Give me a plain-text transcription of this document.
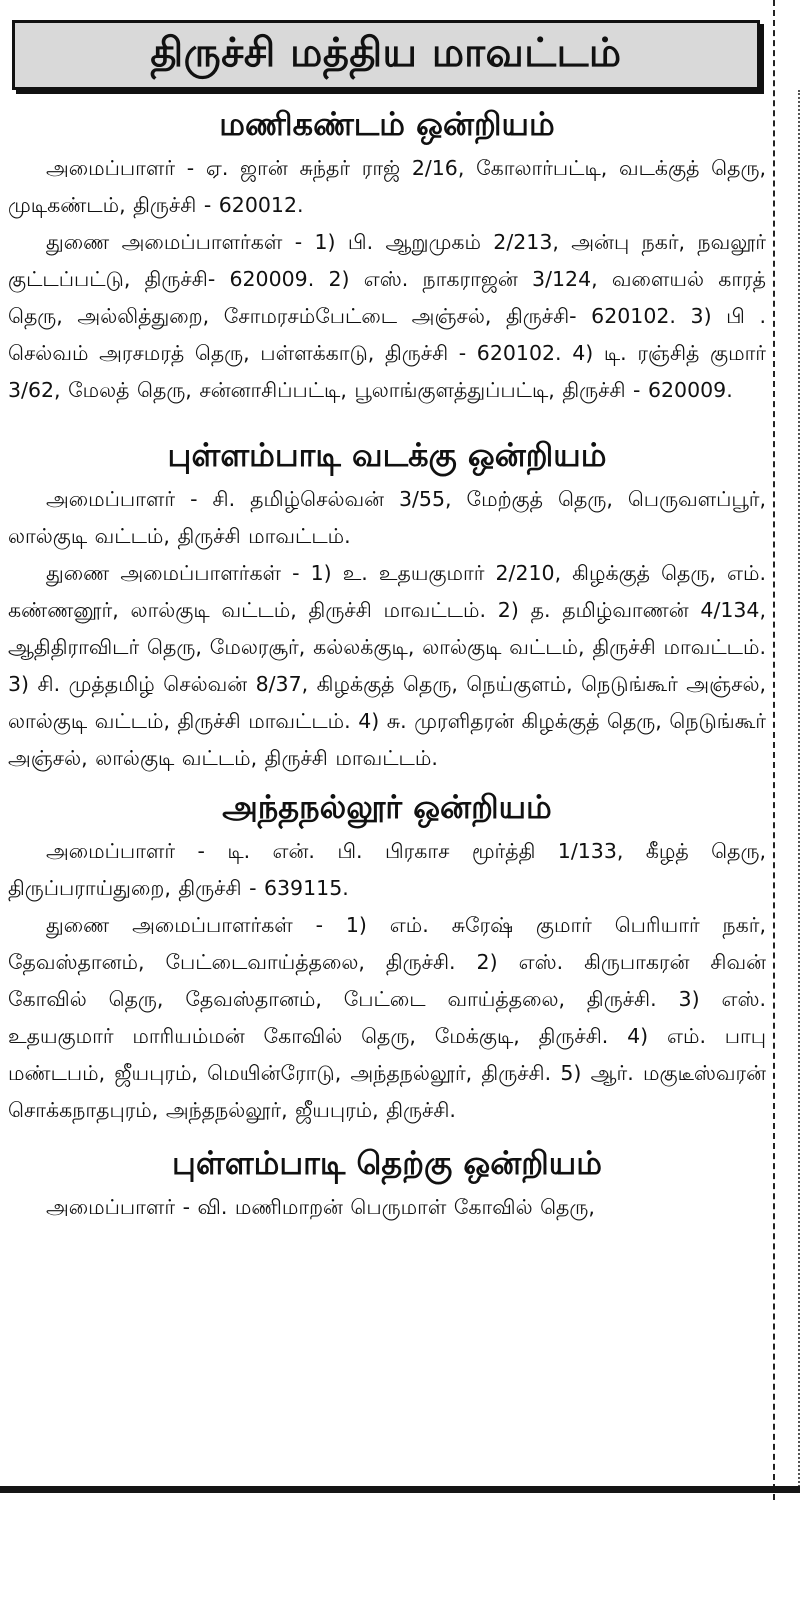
திருச்சி மத்திய மாவட்டம்
மணிகண்டம் ஒன்றியம்

அமைப்பாளர் - ஏ. ஜான் சுந்தர் ராஜ் 2/16, கோலார்பட்டி, வடக்குத் தெரு, முடிகண்டம், திருச்சி - 620012.

துணை அமைப்பாளர்கள் - 1) பி. ஆறுமுகம் 2/213, அன்பு நகர், நவலூர் குட்டப்பட்டு, திருச்சி- 620009. 2) எஸ். நாகராஜன் 3/124, வளையல் காரத் தெரு, அல்லித்துறை, சோமரசம்பேட்டை அஞ்சல், திருச்சி- 620102. 3) பி . செல்வம் அரசமரத் தெரு, பள்ளக்காடு, திருச்சி - 620102. 4) டி. ரஞ்சித் குமார் 3/62, மேலத் தெரு, சன்னாசிப்பட்டி, பூலாங்குளத்துப்பட்டி, திருச்சி - 620009.

புள்ளம்பாடி வடக்கு ஒன்றியம்

அமைப்பாளர் - சி. தமிழ்செல்வன் 3/55, மேற்குத் தெரு, பெருவளப்பூர், லால்குடி வட்டம், திருச்சி மாவட்டம்.

துணை அமைப்பாளர்கள் - 1) உ. உதயகுமார் 2/210, கிழக்குத் தெரு, எம். கண்ணனூர், லால்குடி வட்டம், திருச்சி மாவட்டம். 2) த. தமிழ்வாணன் 4/134, ஆதிதிராவிடர் தெரு, மேலரசூர், கல்லக்குடி, லால்குடி வட்டம், திருச்சி மாவட்டம். 3) சி. முத்தமிழ் செல்வன் 8/37, கிழக்குத் தெரு, நெய்குளம், நெடுங்கூர் அஞ்சல், லால்குடி வட்டம், திருச்சி மாவட்டம். 4) சு. முரளிதரன் கிழக்குத் தெரு, நெடுங்கூர் அஞ்சல், லால்குடி வட்டம், திருச்சி மாவட்டம்.

அந்தநல்லூர் ஒன்றியம்

அமைப்பாளர் - டி. என். பி. பிரகாச மூர்த்தி 1/133, கீழத் தெரு, திருப்பராய்துறை, திருச்சி - 639115.

துணை அமைப்பாளர்கள் - 1) எம். சுரேஷ் குமார் பெரியார் நகர், தேவஸ்தானம், பேட்டைவாய்த்தலை, திருச்சி. 2) எஸ். கிருபாகரன் சிவன் கோவில் தெரு, தேவஸ்தானம், பேட்டை வாய்த்தலை, திருச்சி. 3) எஸ். உதயகுமார் மாரியம்மன் கோவில் தெரு, மேக்குடி, திருச்சி. 4) எம். பாபு மண்டபம், ஜீயபுரம், மெயின்ரோடு, அந்தநல்லூர், திருச்சி. 5) ஆர். மகுடீஸ்வரன் சொக்கநாதபுரம், அந்தநல்லூர், ஜீயபுரம், திருச்சி.

புள்ளம்பாடி தெற்கு ஒன்றியம்

அமைப்பாளர் - வி. மணிமாறன் பெருமாள் கோவில் தெரு,
